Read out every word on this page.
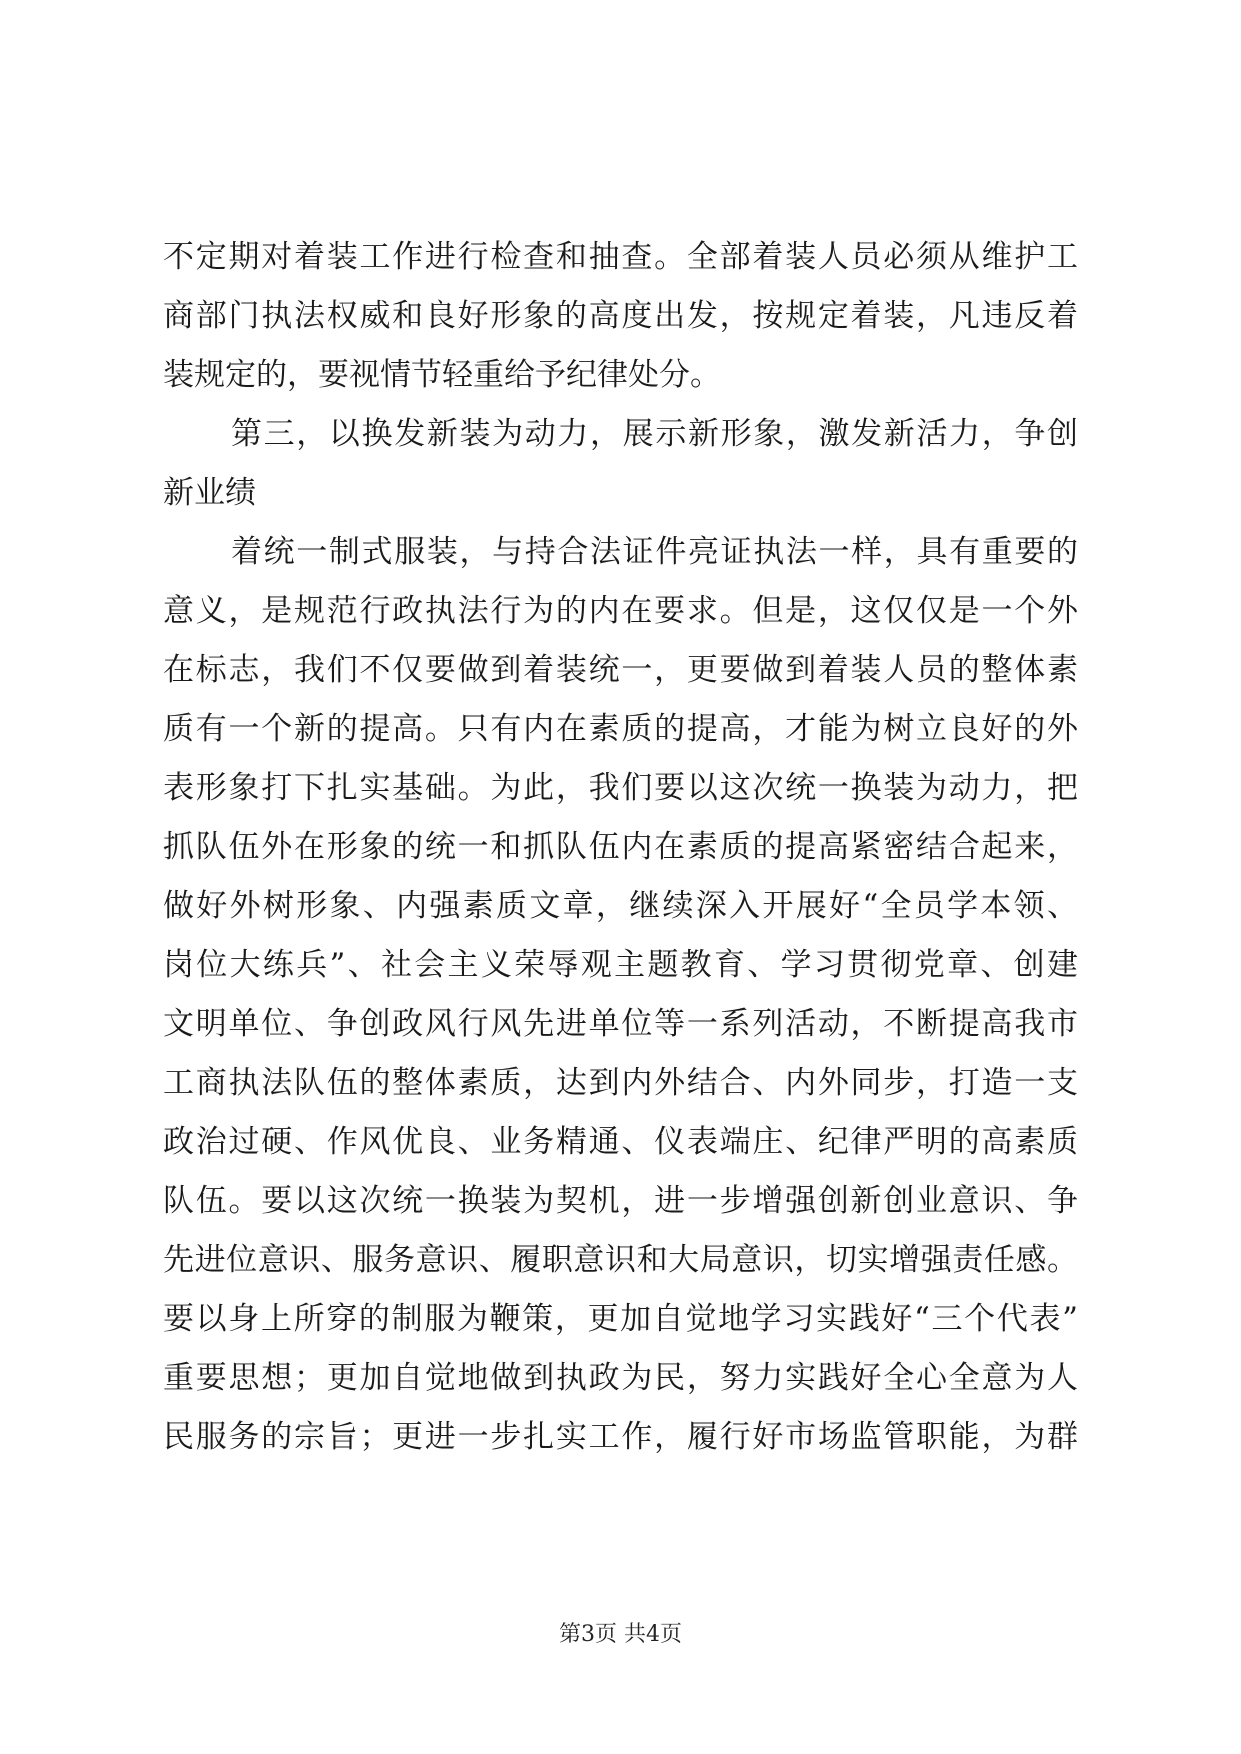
不定期对着装工作进行检查和抽查。全部着装人员必须从维护工
商部门执法权威和良好形象的高度出发，按规定着装，凡违反着
装规定的，要视情节轻重给予纪律处分。
第三，以换发新装为动力，展示新形象，激发新活力，争创
新业绩
着统一制式服装，与持合法证件亮证执法一样，具有重要的
意义，是规范行政执法行为的内在要求。但是，这仅仅是一个外
在标志，我们不仅要做到着装统一，更要做到着装人员的整体素
质有一个新的提高。只有内在素质的提高，才能为树立良好的外
表形象打下扎实基础。为此，我们要以这次统一换装为动力，把
抓队伍外在形象的统一和抓队伍内在素质的提高紧密结合起来，
做好外树形象、内强素质文章，继续深入开展好“全员学本领、
岗位大练兵”、社会主义荣辱观主题教育、学习贯彻党章、创建
文明单位、争创政风行风先进单位等一系列活动，不断提高我市
工商执法队伍的整体素质，达到内外结合、内外同步，打造一支
政治过硬、作风优良、业务精通、仪表端庄、纪律严明的高素质
队伍。要以这次统一换装为契机，进一步增强创新创业意识、争
先进位意识、服务意识、履职意识和大局意识，切实增强责任感。
要以身上所穿的制服为鞭策，更加自觉地学习实践好“三个代表”
重要思想；更加自觉地做到执政为民，努力实践好全心全意为人
民服务的宗旨；更进一步扎实工作，履行好市场监管职能，为群
第3页 共4页
